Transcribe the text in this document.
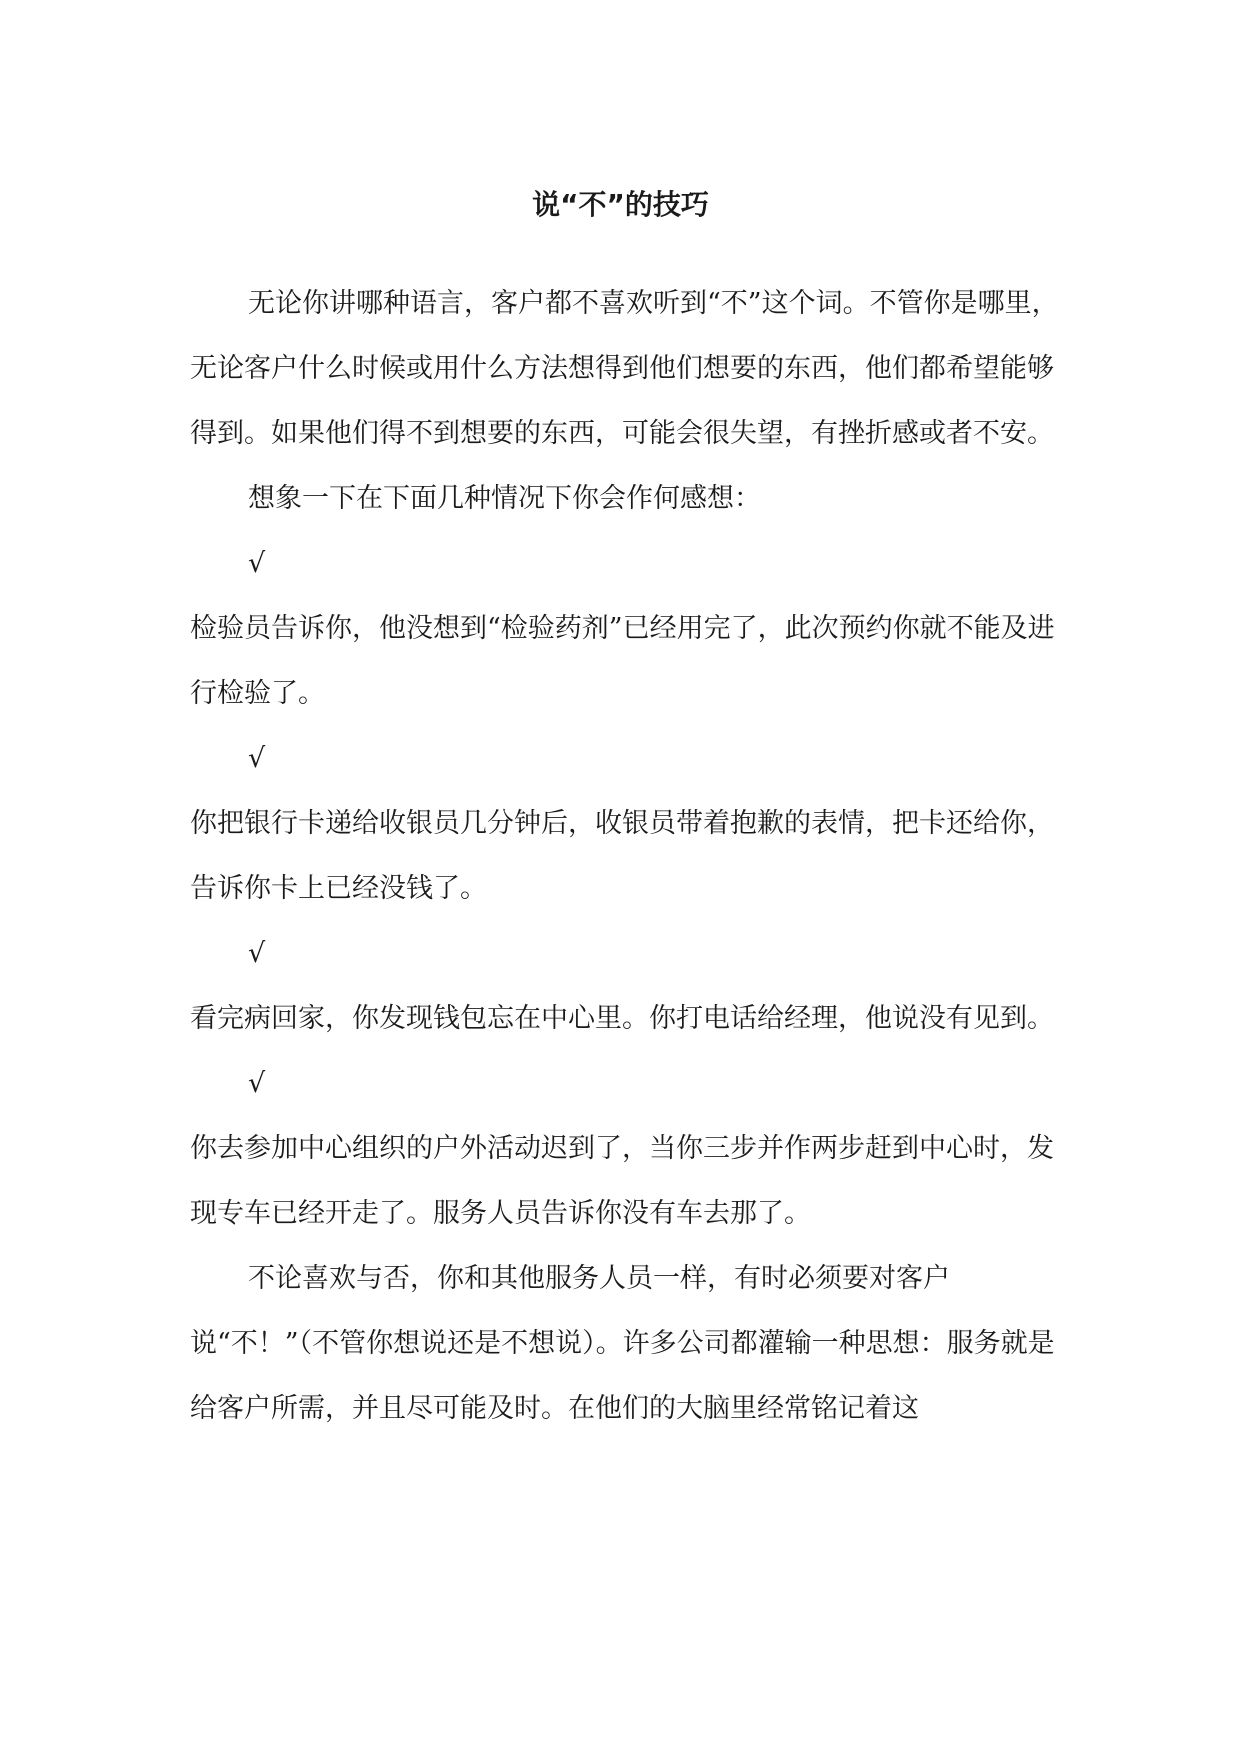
说“不”的技巧

无论你讲哪种语言，客户都不喜欢听到“不”这个词。不管你是哪里，无论客户什么时候或用什么方法想得到他们想要的东西，他们都希望能够得到。如果他们得不到想要的东西，可能会很失望，有挫折感或者不安。

想象一下在下面几种情况下你会作何感想：

√

检验员告诉你，他没想到“检验药剂”已经用完了，此次预约你就不能及进行检验了。

√

你把银行卡递给收银员几分钟后，收银员带着抱歉的表情，把卡还给你，告诉你卡上已经没钱了。

√

看完病回家，你发现钱包忘在中心里。你打电话给经理，他说没有见到。

√

你去参加中心组织的户外活动迟到了，当你三步并作两步赶到中心时，发现专车已经开走了。服务人员告诉你没有车去那了。

不论喜欢与否，你和其他服务人员一样，有时必须要对客户说“不！”（不管你想说还是不想说）。许多公司都灌输一种思想：服务就是给客户所需，并且尽可能及时。在他们的大脑里经常铭记着这
